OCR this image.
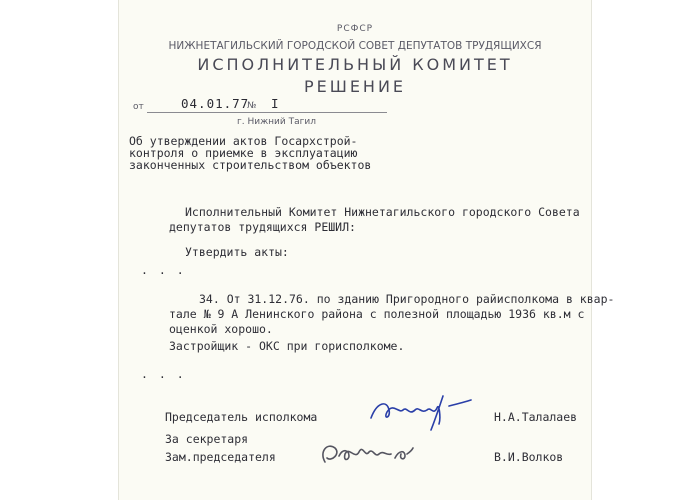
РСФСР
НИЖНЕТАГИЛЬСКИЙ ГОРОДСКОЙ СОВЕТ ДЕПУТАТОВ ТРУДЯЩИХСЯ
ИСПОЛНИТЕЛЬНЫЙ КОМИТЕТ
РЕШЕНИЕ
от	04.01.77
№ I
г. Нижний Тагил
Об утверждении актов Госархстрой-
контроля о приемке в эксплуатацию
законченных строительством объектов
Исполнительный Комитет Нижнетагильского городского Совета
депутатов трудящихся РЕШИЛ:
Утвердить акты:
. . .
34. От 31.12.76. по зданию Пригородного райисполкома в квар-
тале № 9 А Ленинского района с полезной площадью 1936 кв.м с
оценкой хорошо.
Застройщик - ОКС при горисполкоме.
. . .
Председатель исполкома	Н.А.Талалаев
За секретаря
Зам.председателя	В.И.Волков
